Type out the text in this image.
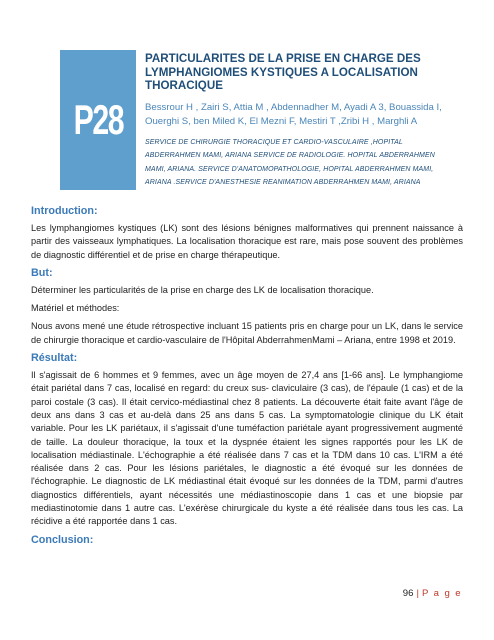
P28
PARTICULARITES DE LA PRISE EN CHARGE DES
LYMPHANGIOMES KYSTIQUES A LOCALISATION
THORACIQUE
Bessrour H , Zairi S, Attia M , Abdennadher M, Ayadi A 3, Bouassida I, Ouerghi S, ben Miled K, El Mezni F, Mestiri T ,Zribi H , Marghli A
SERVICE DE CHIRURGIE THORACIQUE ET CARDIO-VASCULAIRE ,HOPITAL ABDERRAHMEN MAMI, ARIANA SERVICE DE RADIOLOGIE. HOPITAL ABDERRAHMEN MAMI, ARIANA. SERVICE D'ANATOMOPATHOLOGIE, HOPITAL ABDERRAHMEN MAMI, ARIANA .SERVICE D'ANESTHESIE REANIMATION ABDERRAHMEN MAMI, ARIANA
Introduction:

Les lymphangiomes kystiques (LK) sont des lésions bénignes malformatives qui prennent naissance à partir des vaisseaux lymphatiques. La localisation thoracique est rare, mais pose souvent des problèmes de diagnostic différentiel et de prise en charge thérapeutique.

But:

Déterminer les particularités de la prise en charge des LK de localisation thoracique.

Matériel et méthodes:

Nous avons mené une étude rétrospective incluant 15 patients pris en charge pour un LK, dans le service de chirurgie thoracique et cardio-vasculaire de l'Hôpital AbderrahmenMami – Ariana, entre 1998 et 2019.

Résultat:

Il s'agissait de 6 hommes et 9 femmes, avec un âge moyen de 27,4 ans [1-66 ans]. Le lymphangiome était pariétal dans 7 cas, localisé en regard: du creux sus- claviculaire (3 cas), de l'épaule (1 cas) et de la paroi costale (3 cas). Il était cervico-médiastinal chez 8 patients. La découverte était faite avant l'âge de deux ans dans 3 cas et au-delà dans 25 ans dans 5 cas. La symptomatologie clinique du LK était variable. Pour les LK pariétaux, il s'agissait d'une tuméfaction pariétale ayant progressivement augmenté de taille. La douleur thoracique, la toux et la dyspnée étaient les signes rapportés pour les LK de localisation médiastinale. L'échographie a été réalisée dans 7 cas et la TDM dans 10 cas. L'IRM a été réalisée dans 2 cas. Pour les lésions pariétales, le diagnostic a été évoqué sur les données de l'échographie. Le diagnostic de LK médiastinal était évoqué sur les données de la TDM, parmi d'autres diagnostics différentiels, ayant nécessités une médiastinoscopie dans 1 cas et une biopsie par mediastinotomie dans 1 autre cas. L'exérèse chirurgicale du kyste a été réalisée dans tous les cas. La récidive a été rapportée dans 1 cas.

Conclusion:
96 | P a g e
